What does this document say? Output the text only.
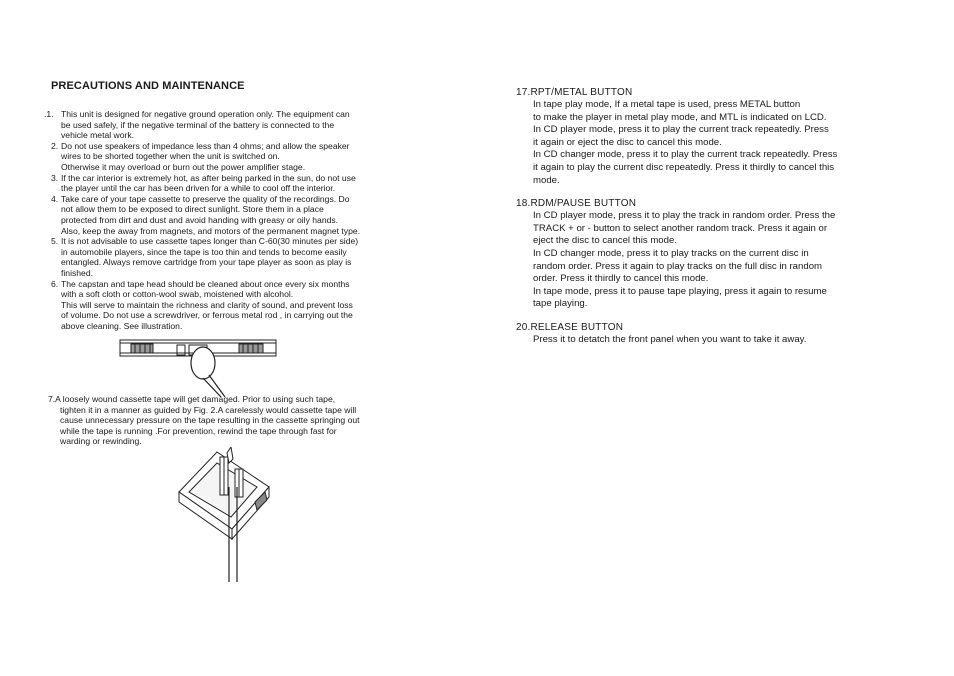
PRECAUTIONS AND MAINTENANCE
.1. This unit is designed for negative ground operation only. The equipment can
be used safely, if the negative terminal of the battery is connected to the
vehicle metal work.
2. Do not use speakers of impedance less than 4 ohms; and allow the speaker
wires to be shorted together when the unit is switched on.
Otherwise it may overload or burn out the power amplifier stage.
3. If the car interior is extremely hot, as after being parked in the sun, do not use
the player until the car has been driven for a while to cool off the interior.
4. Take care of your tape cassette to preserve the quality of the recordings. Do
not allow them to be exposed to direct sunlight. Store them in a place
protected from dirt and dust and avoid handing with greasy or oily hands.
Also, keep the away from magnets, and motors of the permanent magnet type.
5. It is not advisable to use cassette tapes longer than C-60(30 minutes per side)
in automobile players, since the tape is too thin and tends to become easily
entangled. Always remove cartridge from your tape player as soon as play is
finished.
6. The capstan and tape head should be cleaned about once every six months
with a soft cloth or cotton-wool swab, moistened with alcohol.
This will serve to maintain the richness and clarity of sound, and prevent loss
of volume. Do not use a screwdriver, or ferrous metal rod , in carrying out the
above cleaning. See illustration.
7.A loosely wound cassette tape will get damaged. Prior to using such tape,
tighten it in a manner as guided by Fig. 2.A carelessly would cassette tape will
cause unnecessary pressure on the tape resulting in the cassette springing out
while the tape is running .For prevention, rewind the tape through fast for
warding or rewinding.
17.RPT/METAL BUTTON
In tape play mode, If a metal tape is used, press METAL button
to make the player in metal play mode, and MTL is indicated on LCD.
In CD player mode, press it to play the current track repeatedly. Press
it again or eject the disc to cancel this mode.
In CD changer mode, press it to play the current track repeatedly. Press
it again to play the current disc repeatedly. Press it thirdly to cancel this
mode.
18.RDM/PAUSE BUTTON
In CD player mode, press it to play the track in random order. Press the
TRACK + or - button to select another random track. Press it again or
eject the disc to cancel this mode.
In CD changer mode, press it to play tracks on the current disc in
random order. Press it again to play tracks on the full disc in random
order. Press it thirdly to cancel this mode.
In tape mode, press it to pause tape playing, press it again to resume
tape playing.
20.RELEASE BUTTON
Press it to detatch the front panel when you want to take it away.
